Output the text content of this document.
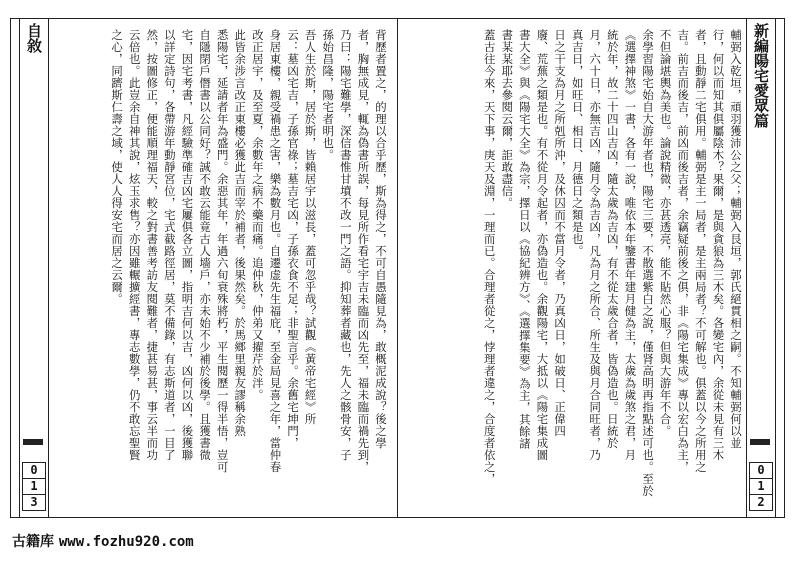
輔弼入乾垣，頑羽獲沛公之父；輔弼入艮垣，郭氏絕貫相之嗣。不知輔弼何以並
行，何以而知其俱屬陰木？果爾，是與貪狼為三木矣。各變宅內，余從未見有三木
者，且動靜二宅俱用。輔弼是主一局者，是主兩局者？不可解也。俱蓋以今之所用之
吉。前吉而後吉，前凶而後吉者，余竊疑前後之俱，非《陽宅集成》專以宏白為主，
不但論堪輿為美也。論說精微，亦甚透亮，能不貼然心服？但與大游年不合。
余學習陽宅始自大游年者也，陽宅三要，不散選紫白之說，僅肾高明再指點述可也。至於
《選擇神煞》一書，各有一說，唯依本年鑒書年建月健為主，太歲為歲煞之君，月
統於年，故二十四山吉凶，隨太歲為吉凶，有不從太歲合者，皆偽造也。日統於
月，六十日，亦無吉凶，隨月令為吉凶，凡為月之所合、所生及與月合同旺者，乃
真吉日，如旺日、相日、月德日之類是也。
日之干支為月之所剋所沖，及休囚而不當月令者，乃真凶日，如破日、正偉四
廢、荒蕪之類是也。有不從月令起者，亦偽造也。余觀陽宅，大抵以《陽宅集成圖
書大全》與《陽宅大全》為宗，擇日以《協紀辨方》、《選擇集要》為主，其餘諸
書某某耶去參閱云爾，詎敢盡信。
蓋古往今來，天下事，庚天及淵，一理而已。合理者從之，悖理者違之，合度者依之，	新編陽宅愛眾篇
0
1
2
自敘
0
1
3
背歷者置之，的理以合乎歷，斯為得之，不可自愚隨見為，敢概泥成說？後之學
者，胸無成見，輒為偽書所誤，每見所作看宅宇吉未臨而凶先至，福未臨而禍先到，
乃曰：陽宅難學，深信書惟甘墳不改一門之語。抑知葬者藏也，先人之骸骨安，子
孫始昌隆，陽宅者明也。
吾人生於斯，居於斯，皆賴居宇以滋長，蓋可忽乎哉？試觀《黃帝宅經》所
云：墓凶宅吉，子孫官祿；墓吉宅凶，子孫衣食不足；非聖言乎。余舊宅坤門，
身居東樓，親受禍患之害，樂為數月也。自遷虚先生福庇，至金局見喜之年，當仲春
改正居宇，及至夏，余數年之病不藥而痛。追仲秋，仲弟又擢芹於泮。
此皆余涉言改正東樓必獲此吉而宰於補者，後果然矣。於馬鄉里親友謬稱余熟
悉陽宅，延請者年為盛門。余惡其年，年過六旬衰殊將朽，平生閱歷一得半悟，豈可
自隱閉戶僭書以公同好？誠不敢云能竟古人墻戶，亦未始不少補於後學。且獲書微
宅，因宅考書，凡經驗準確吉凶宅屢俱各立圖，指明吉何以吉，凶何以凶，後獲聯
以詳定詩句，各帶游年動靜宮位，宅式截路徑居，莫不備錄，有志斯道者，一目了
然，按圖修正，便能順理福天，較之對書善考訪友閱難者，捷甚易甚，事云半而功
云倍也。此豈余自神其說，炫玉求售？亦因雖輾擴經書，專志數學，仍不敢忘聖賢
之心，同躋斯仁壽之域，使人人得安宅而居之云爾。
古籍库 www.fozhu920.com
